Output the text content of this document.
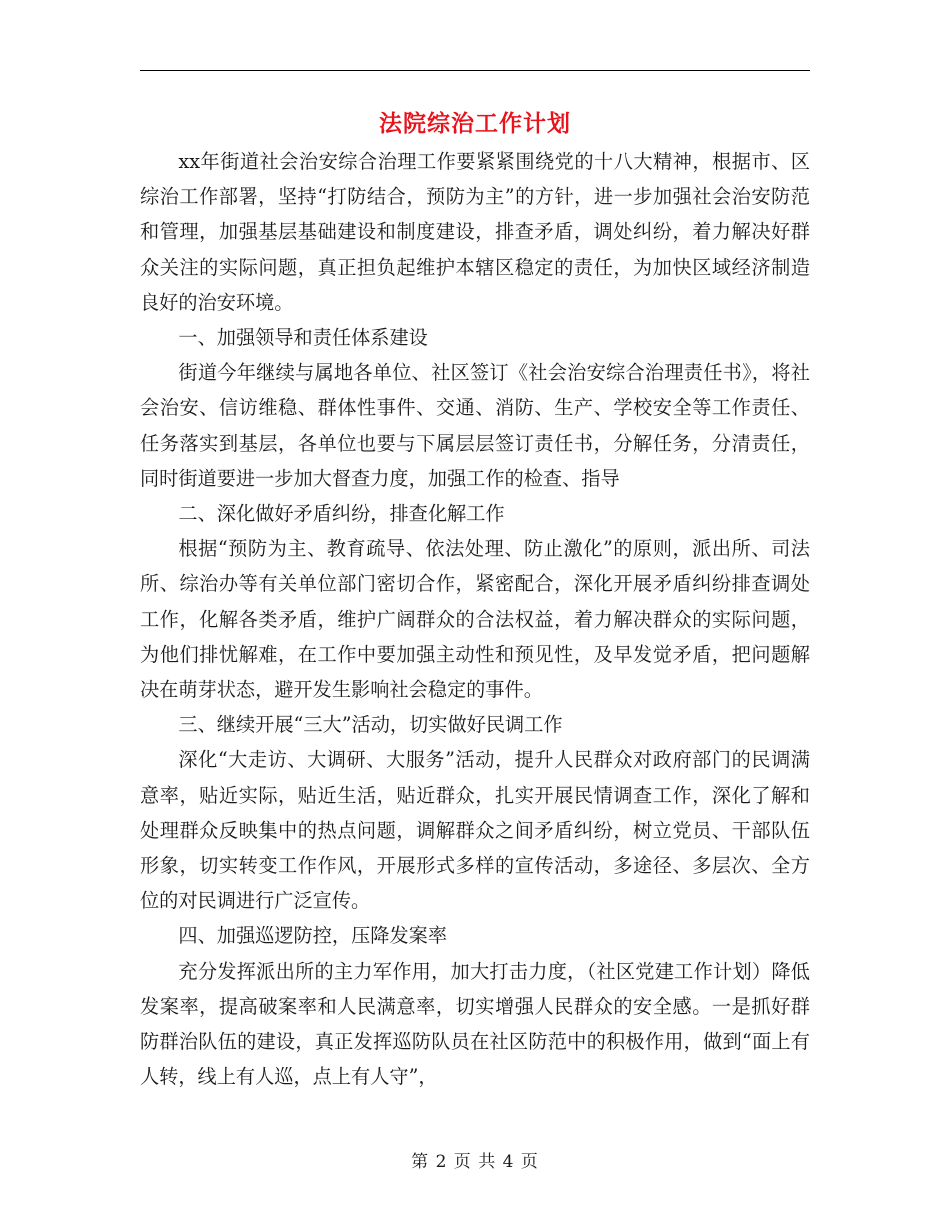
法院综治工作计划

xx年街道社会治安综合治理工作要紧紧围绕党的十八大精神，根据市、区综治工作部署，坚持“打防结合，预防为主”的方针，进一步加强社会治安防范和管理，加强基层基础建设和制度建设，排查矛盾，调处纠纷，着力解决好群众关注的实际问题，真正担负起维护本辖区稳定的责任，为加快区域经济制造良好的治安环境。

一、加强领导和责任体系建设

街道今年继续与属地各单位、社区签订《社会治安综合治理责任书》，将社会治安、信访维稳、群体性事件、交通、消防、生产、学校安全等工作责任、任务落实到基层，各单位也要与下属层层签订责任书，分解任务，分清责任，同时街道要进一步加大督查力度，加强工作的检查、指导

二、深化做好矛盾纠纷，排查化解工作

根据“预防为主、教育疏导、依法处理、防止激化”的原则，派出所、司法所、综治办等有关单位部门密切合作，紧密配合，深化开展矛盾纠纷排查调处工作，化解各类矛盾，维护广阔群众的合法权益，着力解决群众的实际问题，为他们排忧解难，在工作中要加强主动性和预见性，及早发觉矛盾，把问题解决在萌芽状态，避开发生影响社会稳定的事件。

三、继续开展“三大”活动，切实做好民调工作

深化“大走访、大调研、大服务”活动，提升人民群众对政府部门的民调满意率，贴近实际，贴近生活，贴近群众，扎实开展民情调查工作，深化了解和处理群众反映集中的热点问题，调解群众之间矛盾纠纷，树立党员、干部队伍形象，切实转变工作作风，开展形式多样的宣传活动，多途径、多层次、全方位的对民调进行广泛宣传。

四、加强巡逻防控，压降发案率

充分发挥派出所的主力军作用，加大打击力度，（社区党建工作计划）降低发案率，提高破案率和人民满意率，切实增强人民群众的安全感。一是抓好群防群治队伍的建设，真正发挥巡防队员在社区防范中的积极作用，做到“面上有人转，线上有人巡，点上有人守”，

第 2 页 共 4 页
